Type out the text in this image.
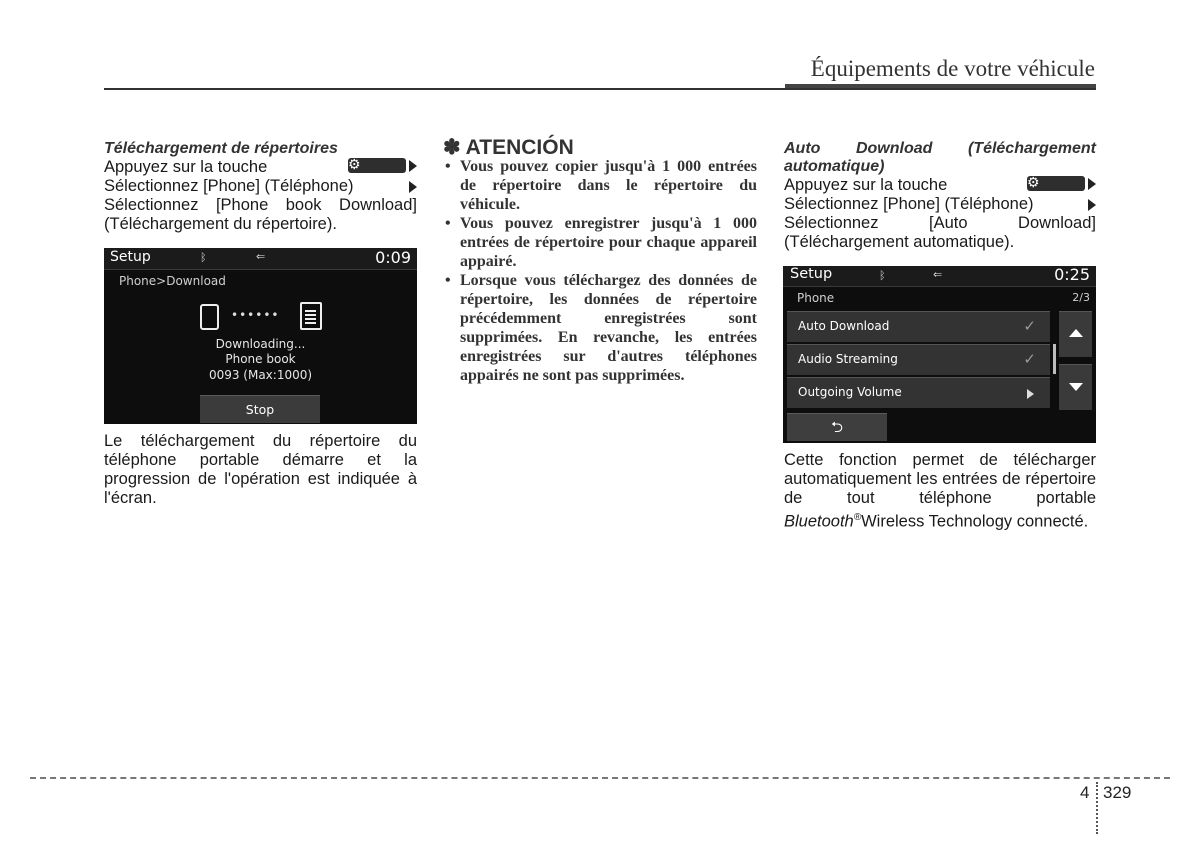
Équipements de votre véhicule

Téléchargement de répertoires

Appuyez sur la touche	⚙

Sélectionnez [Phone] (Téléphone)

Sélectionnez [Phone book Download] (Téléchargement du répertoire).

Setup	ᛒ	⇐	0:09
Phone>Download
••••••
Downloading...
Phone book
0093 (Max:1000)
Stop

Le téléchargement du répertoire du téléphone portable démarre et la progression de l'opération est indiquée à l'écran.

✽ ATENCIÓN

• Vous pouvez copier jusqu'à 1 000 entrées de répertoire dans le répertoire du véhicule.
• Vous pouvez enregistrer jusqu'à 1 000 entrées de répertoire pour chaque appareil appairé.
• Lorsque vous téléchargez des données de répertoire, les données de répertoire précédemment enregistrées sont supprimées. En revanche, les entrées enregistrées sur d'autres téléphones appairés ne sont pas supprimées.

Auto Download (Téléchargement automatique)

Appuyez sur la touche	⚙

Sélectionnez [Phone] (Téléphone)

Sélectionnez [Auto Download] (Téléchargement automatique).

Setup	ᛒ	⇐	0:25
Phone	2/3
Auto Download	✓
Audio Streaming	✓
Outgoing Volume
⮌

Cette fonction permet de télécharger automatiquement les entrées de répertoire de tout téléphone portable Bluetooth®Wireless Technology connecté.

4 329
